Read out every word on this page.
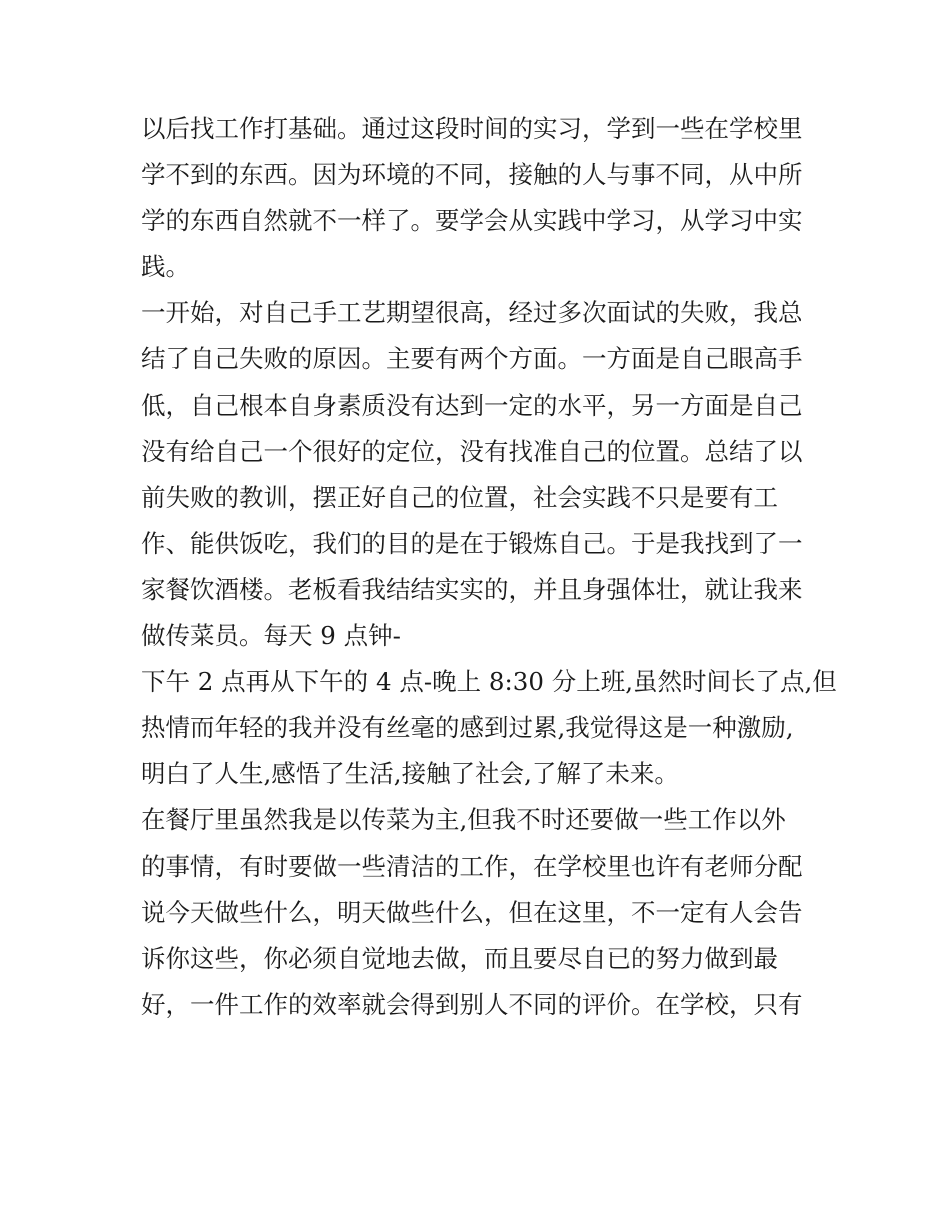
以后找工作打基础。通过这段时间的实习，学到一些在学校里
学不到的东西。因为环境的不同，接触的人与事不同，从中所
学的东西自然就不一样了。要学会从实践中学习，从学习中实
践。
一开始，对自己手工艺期望很高，经过多次面试的失败，我总
结了自己失败的原因。主要有两个方面。一方面是自己眼高手
低，自己根本自身素质没有达到一定的水平，另一方面是自己
没有给自己一个很好的定位，没有找准自己的位置。总结了以
前失败的教训，摆正好自己的位置，社会实践不只是要有工
作、能供饭吃，我们的目的是在于锻炼自己。于是我找到了一
家餐饮酒楼。老板看我结结实实的，并且身强体壮，就让我来
做传菜员。每天 9 点钟-
下午 2 点再从下午的 4 点-晚上 8:30 分上班,虽然时间长了点,但
热情而年轻的我并没有丝毫的感到过累,我觉得这是一种激励,
明白了人生,感悟了生活,接触了社会,了解了未来。
在餐厅里虽然我是以传菜为主,但我不时还要做一些工作以外
的事情，有时要做一些清洁的工作，在学校里也许有老师分配
说今天做些什么，明天做些什么，但在这里，不一定有人会告
诉你这些，你必须自觉地去做，而且要尽自已的努力做到最
好，一件工作的效率就会得到别人不同的评价。在学校，只有
